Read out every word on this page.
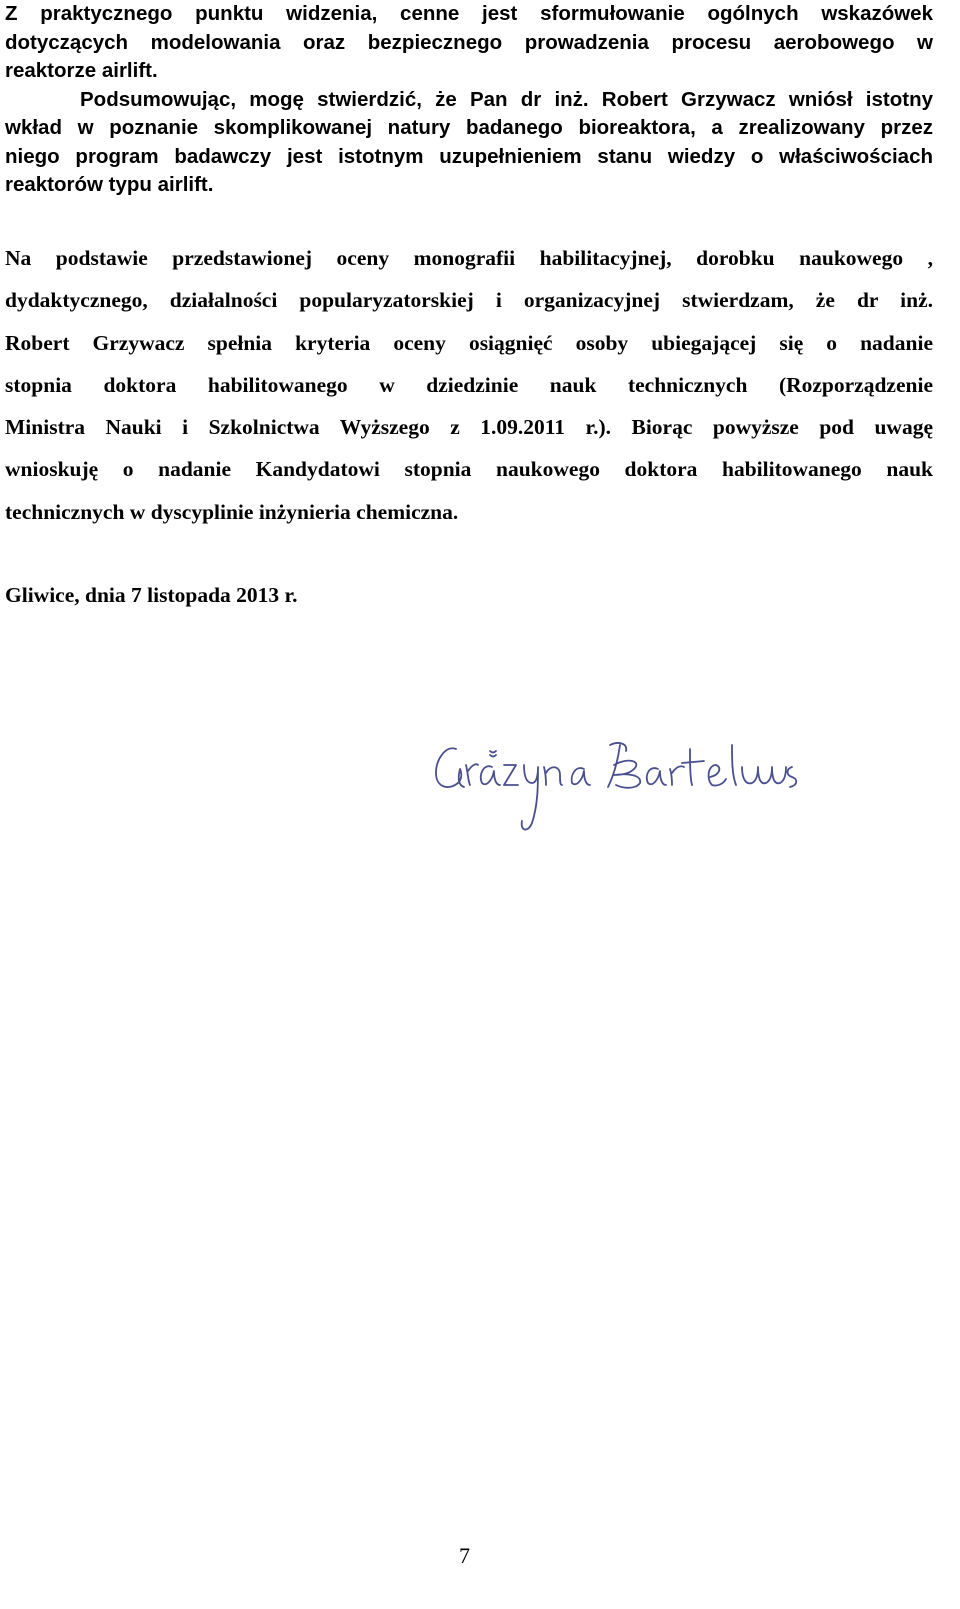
Z praktycznego punktu widzenia, cenne jest sformułowanie ogólnych wskazówek
dotyczących modelowania oraz bezpiecznego prowadzenia procesu aerobowego w
reaktorze airlift.
Podsumowując, mogę stwierdzić, że Pan dr inż. Robert Grzywacz wniósł istotny
wkład w poznanie skomplikowanej natury badanego bioreaktora, a zrealizowany przez
niego program badawczy jest istotnym uzupełnieniem stanu wiedzy o właściwościach
reaktorów typu airlift.
Na podstawie przedstawionej oceny monografii habilitacyjnej, dorobku naukowego ,
dydaktycznego, działalności popularyzatorskiej i organizacyjnej stwierdzam, że dr inż.
Robert Grzywacz spełnia kryteria oceny osiągnięć osoby ubiegającej się o nadanie
stopnia doktora habilitowanego w dziedzinie nauk technicznych (Rozporządzenie
Ministra Nauki i Szkolnictwa Wyższego z 1.09.2011 r.). Biorąc powyższe pod uwagę
wnioskuję o nadanie Kandydatowi stopnia naukowego doktora habilitowanego nauk
technicznych w dyscyplinie inżynieria chemiczna.
Gliwice, dnia 7 listopada 2013 r.
7
